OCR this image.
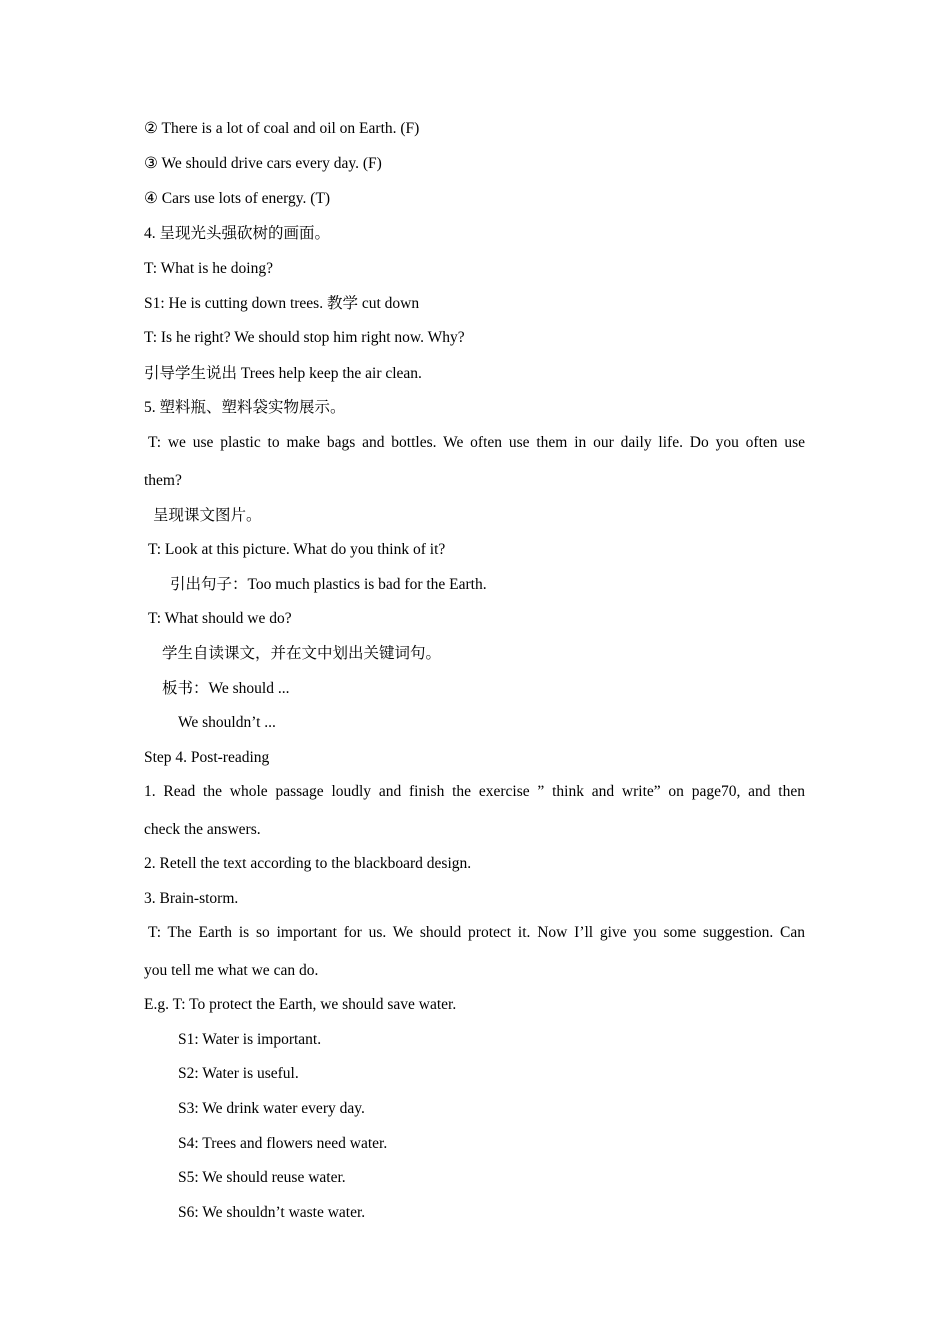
② There is a lot of coal and oil on Earth. (F)
③ We should drive cars every day. (F)
④ Cars use lots of energy. (T)
4. 呈现光头强砍树的画面。
T: What is he doing?
S1: He is cutting down trees. 教学 cut down
T: Is he right? We should stop him right now. Why?
引导学生说出 Trees help keep the air clean.
5. 塑料瓶、塑料袋实物展示。
T: we use plastic to make bags and bottles. We often use them in our daily life. Do you often use
them?
呈现课文图片。
T: Look at this picture. What do you think of it?
引出句子：Too much plastics is bad for the Earth.
T: What should we do?
学生自读课文，并在文中划出关键词句。
板书：We should ...
We shouldn’t ...
Step 4. Post-reading
1. Read the whole passage loudly and finish the exercise ” think and write” on page70, and then
check the answers.
2. Retell the text according to the blackboard design.
3. Brain-storm.
T: The Earth is so important for us. We should protect it. Now I’ll give you some suggestion. Can
you tell me what we can do.
E.g. T: To protect the Earth, we should save water.
S1: Water is important.
S2: Water is useful.
S3: We drink water every day.
S4: Trees and flowers need water.
S5: We should reuse water.
S6: We shouldn’t waste water.
